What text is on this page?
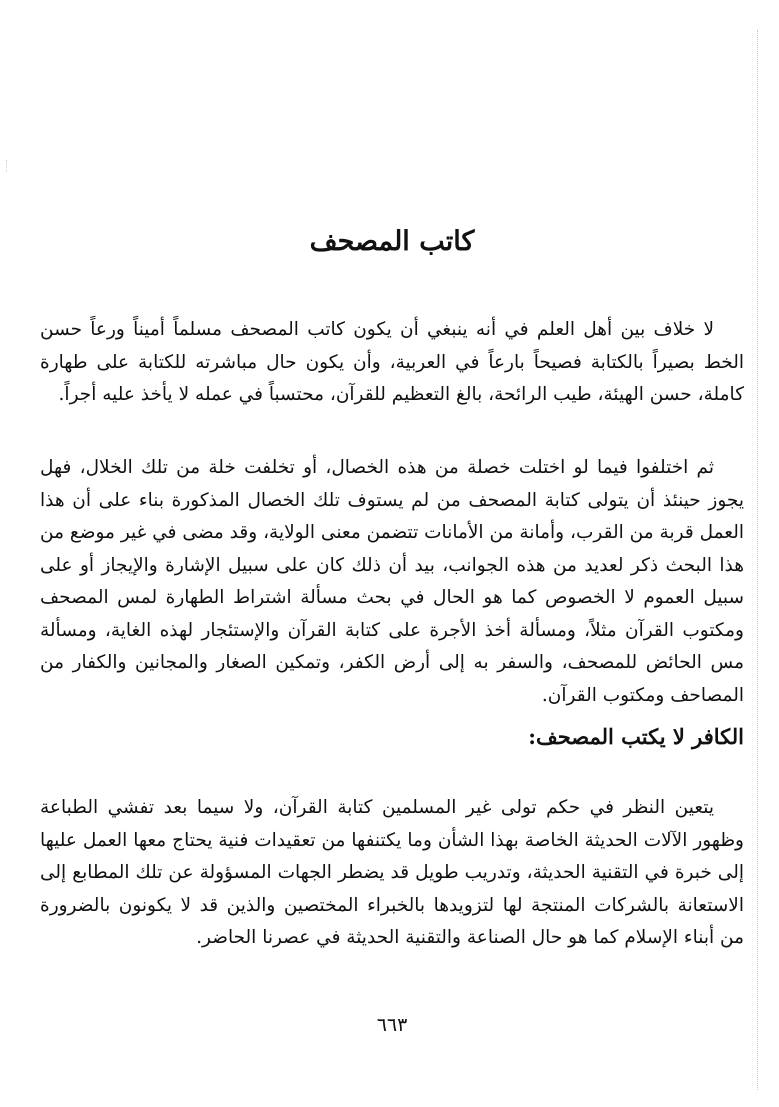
كاتب المصحف

لا خلاف بين أهل العلم في أنه ينبغي أن يكون كاتب المصحف مسلماً أميناً ورعاً حسن الخط بصيراً بالكتابة فصيحاً بارعاً في العربية، وأن يكون حال مباشرته للكتابة على طهارة كاملة، حسن الهيئة، طيب الرائحة، بالغ التعظيم للقرآن، محتسباً في عمله لا يأخذ عليه أجراً.

ثم اختلفوا فيما لو اختلت خصلة من هذه الخصال، أو تخلفت خلة من تلك الخلال، فهل يجوز حينئذ أن يتولى كتابة المصحف من لم يستوف تلك الخصال المذكورة بناء على أن هذا العمل قربة من القرب، وأمانة من الأمانات تتضمن معنى الولاية، وقد مضى في غير موضع من هذا البحث ذكر لعديد من هذه الجوانب، بيد أن ذلك كان على سبيل الإشارة والإيجاز أو على سبيل العموم لا الخصوص كما هو الحال في بحث مسألة اشتراط الطهارة لمس المصحف ومكتوب القرآن مثلاً، ومسألة أخذ الأجرة على كتابة القرآن والإستئجار لهذه الغاية، ومسألة مس الحائض للمصحف، والسفر به إلى أرض الكفر، وتمكين الصغار والمجانين والكفار من المصاحف ومكتوب القرآن.

الكافر لا يكتب المصحف:

يتعين النظر في حكم تولى غير المسلمين كتابة القرآن، ولا سيما بعد تفشي الطباعة وظهور الآلات الحديثة الخاصة بهذا الشأن وما يكتنفها من تعقيدات فنية يحتاج معها العمل عليها إلى خبرة في التقنية الحديثة، وتدريب طويل قد يضطر الجهات المسؤولة عن تلك المطابع إلى الاستعانة بالشركات المنتجة لها لتزويدها بالخبراء المختصين والذين قد لا يكونون بالضرورة من أبناء الإسلام كما هو حال الصناعة والتقنية الحديثة في عصرنا الحاضر.

٦٦٣
